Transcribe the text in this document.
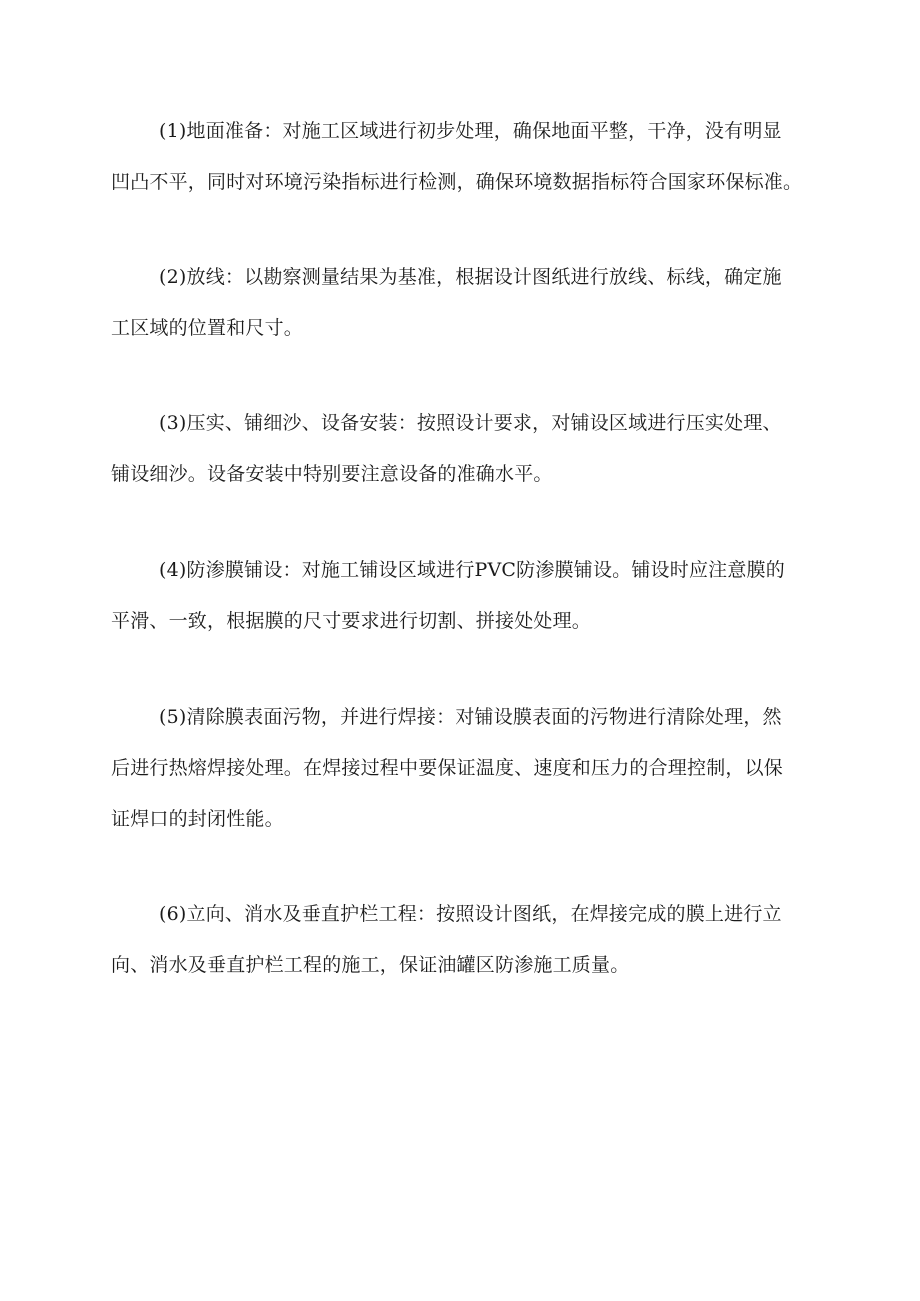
(1)地面准备：对施工区域进行初步处理，确保地面平整，干净，没有明显
凹凸不平，同时对环境污染指标进行检测，确保环境数据指标符合国家环保标准。

(2)放线：以勘察测量结果为基准，根据设计图纸进行放线、标线，确定施
工区域的位置和尺寸。

(3)压实、铺细沙、设备安装：按照设计要求，对铺设区域进行压实处理、
铺设细沙。设备安装中特别要注意设备的准确水平。

(4)防渗膜铺设：对施工铺设区域进行PVC防渗膜铺设。铺设时应注意膜的
平滑、一致，根据膜的尺寸要求进行切割、拼接处处理。

(5)清除膜表面污物，并进行焊接：对铺设膜表面的污物进行清除处理，然
后进行热熔焊接处理。在焊接过程中要保证温度、速度和压力的合理控制，以保
证焊口的封闭性能。

(6)立向、消水及垂直护栏工程：按照设计图纸，在焊接完成的膜上进行立
向、消水及垂直护栏工程的施工，保证油罐区防渗施工质量。
